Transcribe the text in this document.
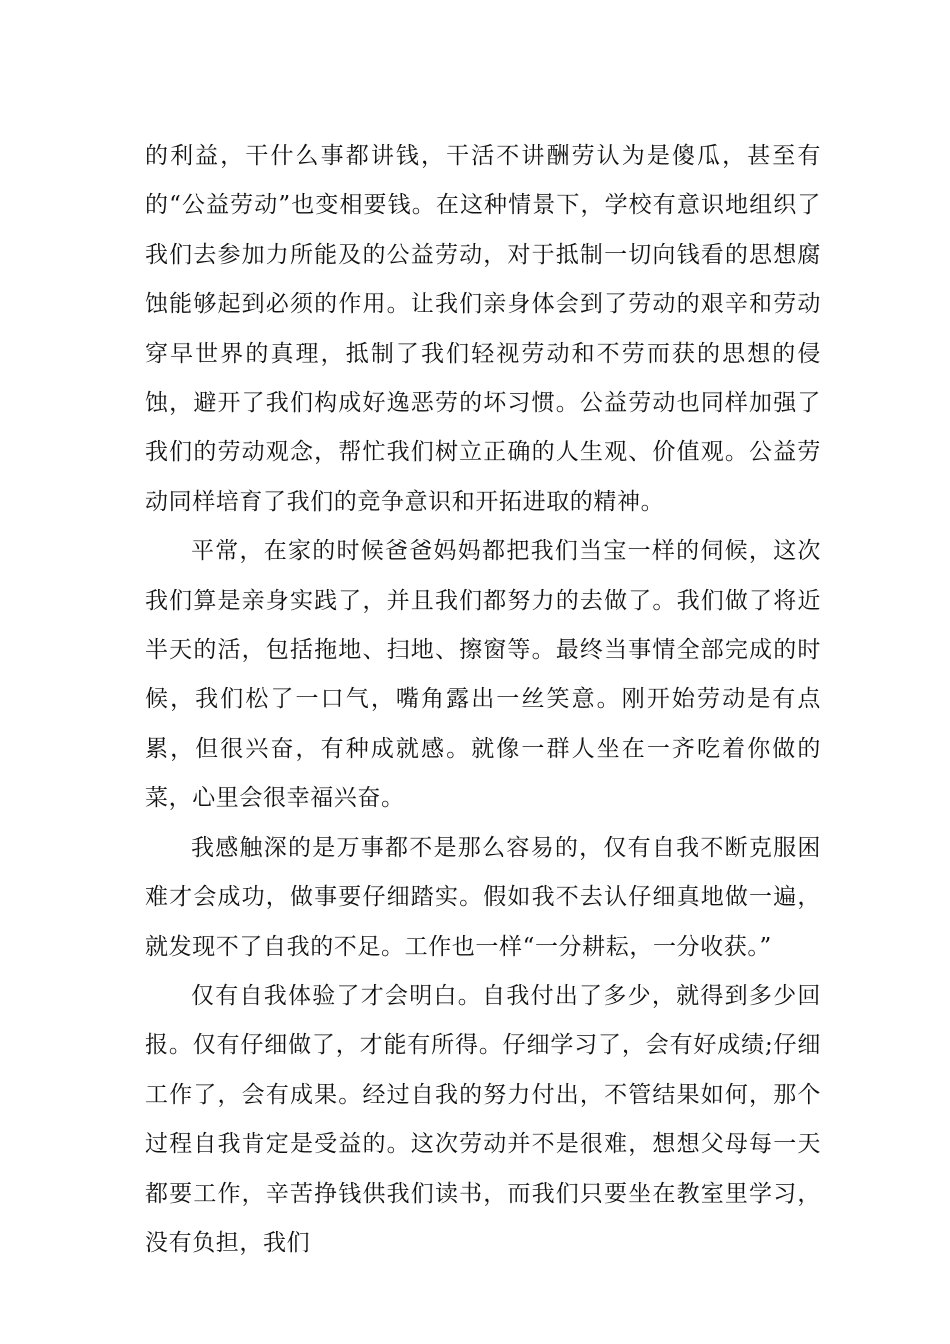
的利益，干什么事都讲钱，干活不讲酬劳认为是傻瓜，甚至有的“公益劳动”也变相要钱。在这种情景下，学校有意识地组织了我们去参加力所能及的公益劳动，对于抵制一切向钱看的思想腐蚀能够起到必须的作用。让我们亲身体会到了劳动的艰辛和劳动穿早世界的真理，抵制了我们轻视劳动和不劳而获的思想的侵蚀，避开了我们构成好逸恶劳的坏习惯。公益劳动也同样加强了我们的劳动观念，帮忙我们树立正确的人生观、价值观。公益劳动同样培育了我们的竞争意识和开拓进取的精神。

平常，在家的时候爸爸妈妈都把我们当宝一样的伺候，这次我们算是亲身实践了，并且我们都努力的去做了。我们做了将近半天的活，包括拖地、扫地、擦窗等。最终当事情全部完成的时候，我们松了一口气，嘴角露出一丝笑意。刚开始劳动是有点累，但很兴奋，有种成就感。就像一群人坐在一齐吃着你做的菜，心里会很幸福兴奋。

我感触深的是万事都不是那么容易的，仅有自我不断克服困难才会成功，做事要仔细踏实。假如我不去认仔细真地做一遍，就发现不了自我的不足。工作也一样“一分耕耘，一分收获。”

仅有自我体验了才会明白。自我付出了多少，就得到多少回报。仅有仔细做了，才能有所得。仔细学习了，会有好成绩;仔细工作了，会有成果。经过自我的努力付出，不管结果如何，那个过程自我肯定是受益的。这次劳动并不是很难，想想父母每一天都要工作，辛苦挣钱供我们读书，而我们只要坐在教室里学习，没有负担，我们
